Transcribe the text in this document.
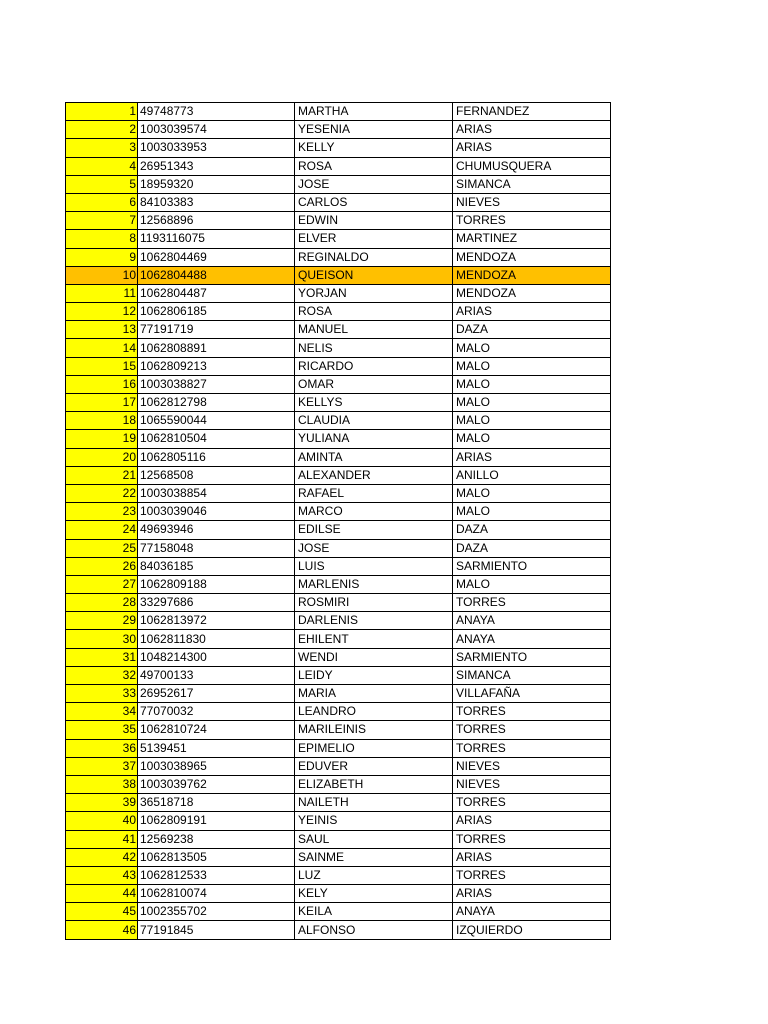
1	49748773	MARTHA	FERNANDEZ
2	1003039574	YESENIA	ARIAS
3	1003033953	KELLY	ARIAS
4	26951343	ROSA	CHUMUSQUERA
5	18959320	JOSE	SIMANCA
6	84103383	CARLOS	NIEVES
7	12568896	EDWIN	TORRES
8	1193116075	ELVER	MARTINEZ
9	1062804469	REGINALDO	MENDOZA
10	1062804488	QUEISON	MENDOZA
11	1062804487	YORJAN	MENDOZA
12	1062806185	ROSA	ARIAS
13	77191719	MANUEL	DAZA
14	1062808891	NELIS	MALO
15	1062809213	RICARDO	MALO
16	1003038827	OMAR	MALO
17	1062812798	KELLYS	MALO
18	1065590044	CLAUDIA	MALO
19	1062810504	YULIANA	MALO
20	1062805116	AMINTA	ARIAS
21	12568508	ALEXANDER	ANILLO
22	1003038854	RAFAEL	MALO
23	1003039046	MARCO	MALO
24	49693946	EDILSE	DAZA
25	77158048	JOSE	DAZA
26	84036185	LUIS	SARMIENTO
27	1062809188	MARLENIS	MALO
28	33297686	ROSMIRI	TORRES
29	1062813972	DARLENIS	ANAYA
30	1062811830	EHILENT	ANAYA
31	1048214300	WENDI	SARMIENTO
32	49700133	LEIDY	SIMANCA
33	26952617	MARIA	VILLAFAÑA
34	77070032	LEANDRO	TORRES
35	1062810724	MARILEINIS	TORRES
36	5139451	EPIMELIO	TORRES
37	1003038965	EDUVER	NIEVES
38	1003039762	ELIZABETH	NIEVES
39	36518718	NAILETH	TORRES
40	1062809191	YEINIS	ARIAS
41	12569238	SAUL	TORRES
42	1062813505	SAINME	ARIAS
43	1062812533	LUZ	TORRES
44	1062810074	KELY	ARIAS
45	1002355702	KEILA	ANAYA
46	77191845	ALFONSO	IZQUIERDO
